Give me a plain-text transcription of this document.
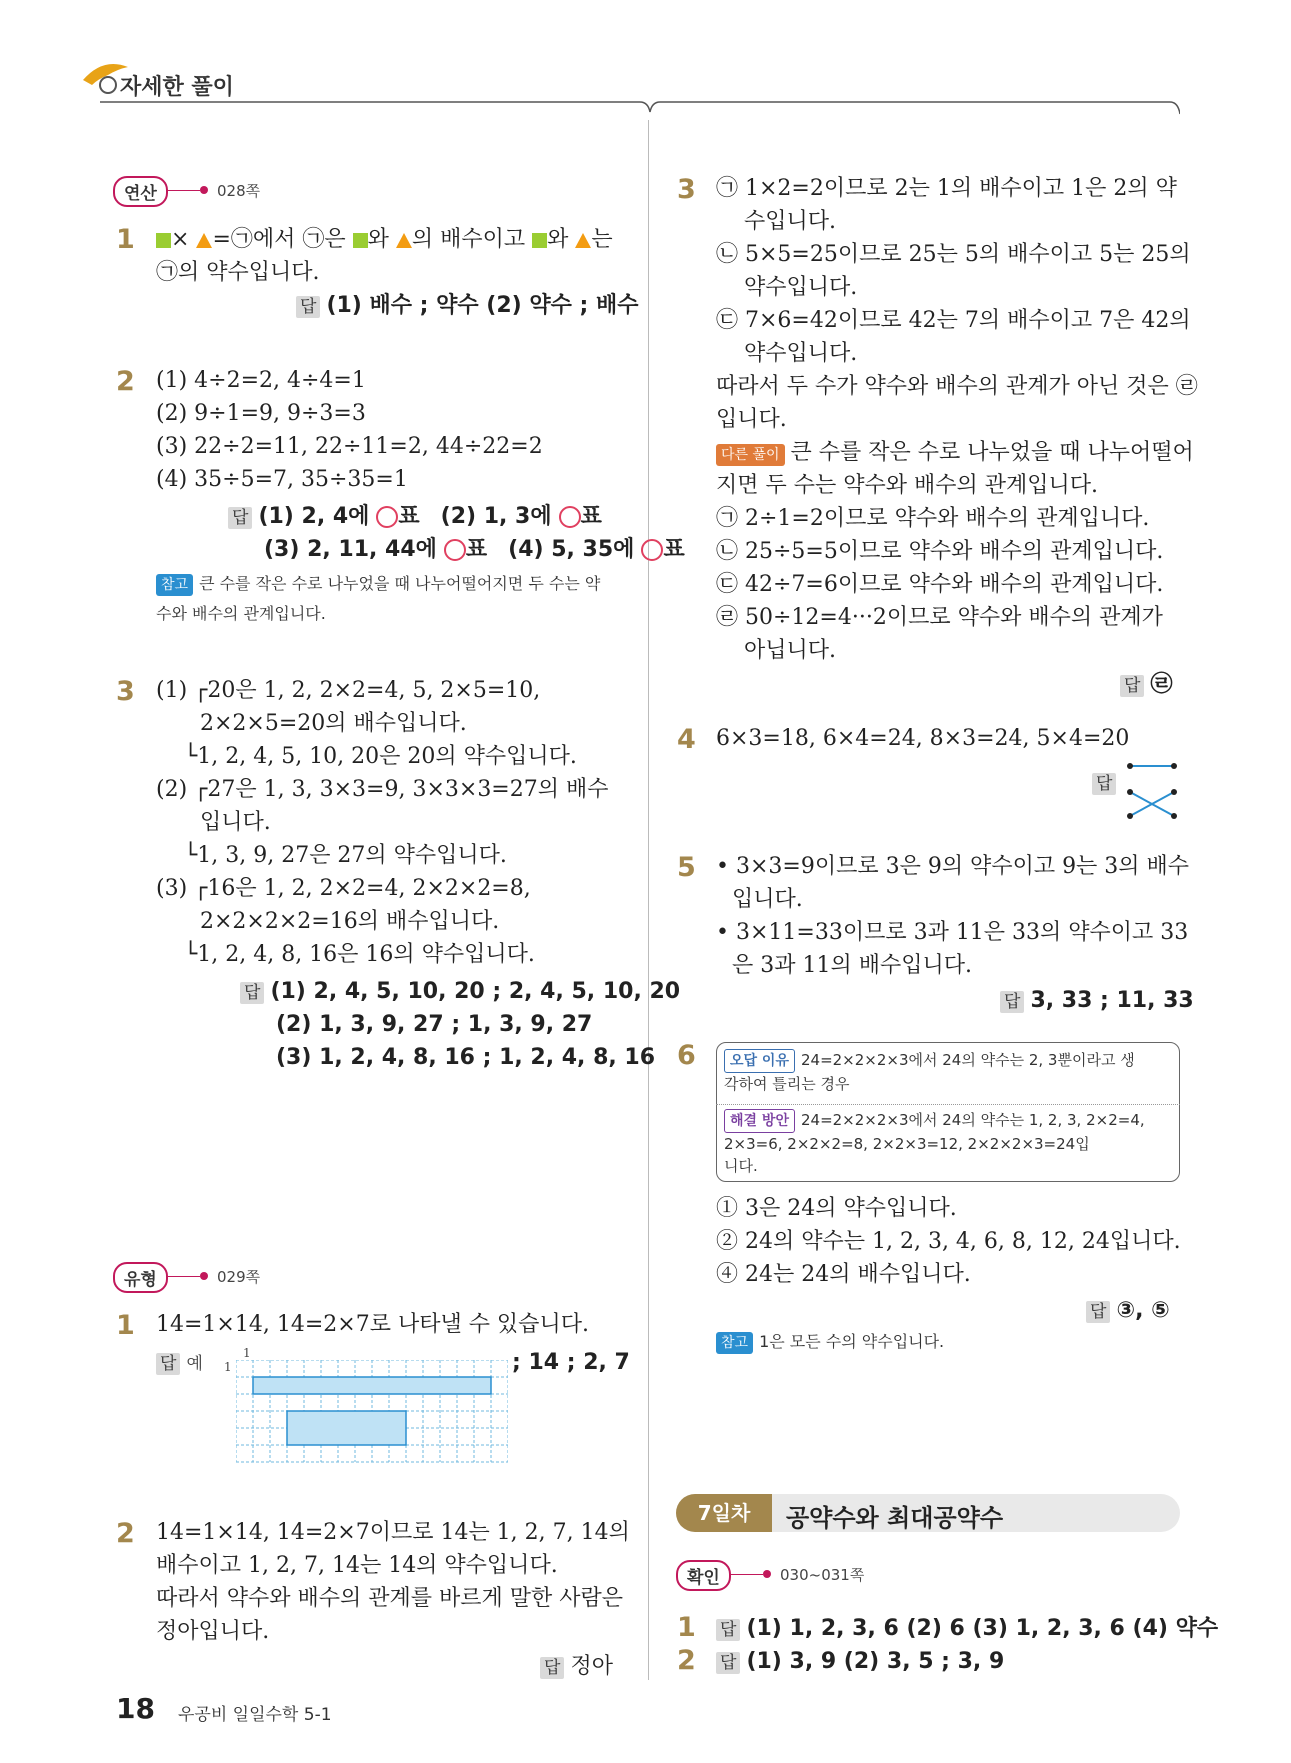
자세한 풀이
연산	028쪽
1	× =㉠에서 ㉠은 와 의 배수이고 와 는
㉠의 약수입니다.
답 (1) 배수 ; 약수 (2) 약수 ; 배수
2 (1) 4÷2=2, 4÷4=1
(2) 9÷1=9, 9÷3=3
(3) 22÷2=11, 22÷11=2, 44÷22=2
(4) 35÷5=7, 35÷35=1
답 (1) 2, 4에 ○표 (2) 1, 3에 ○표
(3) 2, 11, 44에 ○표 (4) 5, 35에 ○표
참고 큰 수를 작은 수로 나누었을 때 나누어떨어지면 두 수는 약
수와 배수의 관계입니다.
3 (1) ┌20은 1, 2, 2×2=4, 5, 2×5=10,
2×2×5=20의 배수입니다.
└1, 2, 4, 5, 10, 20은 20의 약수입니다.
(2) ┌27은 1, 3, 3×3=9, 3×3×3=27의 배수
입니다.
└1, 3, 9, 27은 27의 약수입니다.
(3) ┌16은 1, 2, 2×2=4, 2×2×2=8,
2×2×2×2=16의 배수입니다.
└1, 2, 4, 8, 16은 16의 약수입니다.
답 (1) 2, 4, 5, 10, 20 ; 2, 4, 5, 10, 20
(2) 1, 3, 9, 27 ; 1, 3, 9, 27
(3) 1, 2, 4, 8, 16 ; 1, 2, 4, 8, 16
유형	029쪽
1 14=1×14, 14=2×7로 나타낼 수 있습니다.
답 예	; 14 ; 2, 7
1
1
2 14=1×14, 14=2×7이므로 14는 1, 2, 7, 14의
배수이고 1, 2, 7, 14는 14의 약수입니다.
따라서 약수와 배수의 관계를 바르게 말한 사람은
정아입니다.
답 정아
18 우공비 일일수학 5-1
3 ㉠ 1×2=2이므로 2는 1의 배수이고 1은 2의 약
수입니다.
㉡ 5×5=25이므로 25는 5의 배수이고 5는 25의
약수입니다.
㉢ 7×6=42이므로 42는 7의 배수이고 7은 42의
약수입니다.
따라서 두 수가 약수와 배수의 관계가 아닌 것은 ㉣
입니다.
다른 풀이 큰 수를 작은 수로 나누었을 때 나누어떨어
지면 두 수는 약수와 배수의 관계입니다.
㉠ 2÷1=2이므로 약수와 배수의 관계입니다.
㉡ 25÷5=5이므로 약수와 배수의 관계입니다.
㉢ 42÷7=6이므로 약수와 배수의 관계입니다.
㉣ 50÷12=4···2이므로 약수와 배수의 관계가
아닙니다.
답 ㉣
4 6×3=18, 6×4=24, 8×3=24, 5×4=20
답
5 • 3×3=9이므로 3은 9의 약수이고 9는 3의 배수
입니다.
• 3×11=33이므로 3과 11은 33의 약수이고 33
은 3과 11의 배수입니다.
답 3, 33 ; 11, 33
6	오답 이유 24=2×2×2×3에서 24의 약수는 2, 3뿐이라고 생
각하여 틀리는 경우
해결 방안 24=2×2×2×3에서 24의 약수는 1, 2, 3, 2×2=4,
2×3=6, 2×2×2=8, 2×2×3=12, 2×2×2×3=24입
니다.
① 3은 24의 약수입니다.
② 24의 약수는 1, 2, 3, 4, 6, 8, 12, 24입니다.
④ 24는 24의 배수입니다.
답 ③, ⑤
참고 1은 모든 수의 약수입니다.
7일차	공약수와 최대공약수
확인	030~031쪽
1 답 (1) 1, 2, 3, 6 (2) 6 (3) 1, 2, 3, 6 (4) 약수
2 답 (1) 3, 9 (2) 3, 5 ; 3, 9
